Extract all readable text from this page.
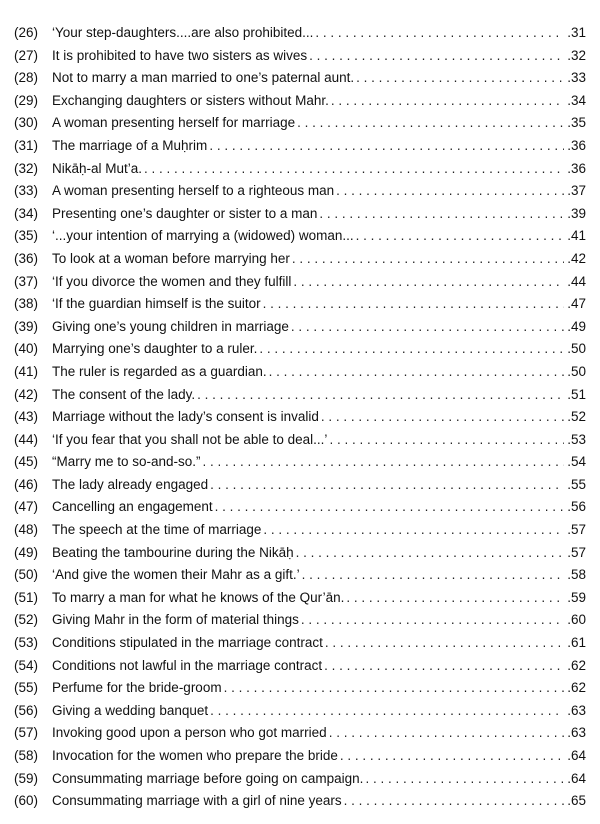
(26)	‘Your step-daughters....are also prohibited... . . .	.31
(27)	It is prohibited to have two sisters as wives . . .	.32
(28)	Not to marry a man married to one’s paternal aunt. . . .	.33
(29)	Exchanging daughters or sisters without Mahr. . . .	.34
(30)	A woman presenting herself for marriage . . .	.35
(31)	The marriage of a Muḥrim . . .	.36
(32)	Nikāḥ-al Mut’a. . . .	.36
(33)	A woman presenting herself to a righteous man . . .	.37
(34)	Presenting one’s daughter or sister to a man . . .	.39
(35)	‘...your intention of marrying a (widowed) woman... . . .	.41
(36)	To look at a woman before marrying her . . .	.42
(37)	‘If you divorce the women and they fulfill . . .	.44
(38)	‘If the guardian himself is the suitor . . .	.47
(39)	Giving one’s young children in marriage . . .	.49
(40)	Marrying one’s daughter to a ruler. . . .	.50
(41)	The ruler is regarded as a guardian. . . .	.50
(42)	The consent of the lady. . . .	.51
(43)	Marriage without the lady’s consent is invalid . . .	.52
(44)	‘If you fear that you shall not be able to deal...’ . . .	.53
(45)	“Marry me to so-and-so.” . . .	.54
(46)	The lady already engaged . . .	.55
(47)	Cancelling an engagement . . .	.56
(48)	The speech at the time of marriage . . .	.57
(49)	Beating the tambourine during the Nikāḥ . . .	.57
(50)	‘And give the women their Mahr as a gift.’ . . .	.58
(51)	To marry a man for what he knows of the Qur’ān. . . .	.59
(52)	Giving Mahr in the form of material things . . .	.60
(53)	Conditions stipulated in the marriage contract . . .	.61
(54)	Conditions not lawful in the marriage contract . . .	.62
(55)	Perfume for the bride-groom . . .	.62
(56)	Giving a wedding banquet . . .	.63
(57)	Invoking good upon a person who got married . . .	.63
(58)	Invocation for the women who prepare the bride . . .	.64
(59)	Consummating marriage before going on campaign. . . .	.64
(60)	Consummating marriage with a girl of nine years . . .	.65
